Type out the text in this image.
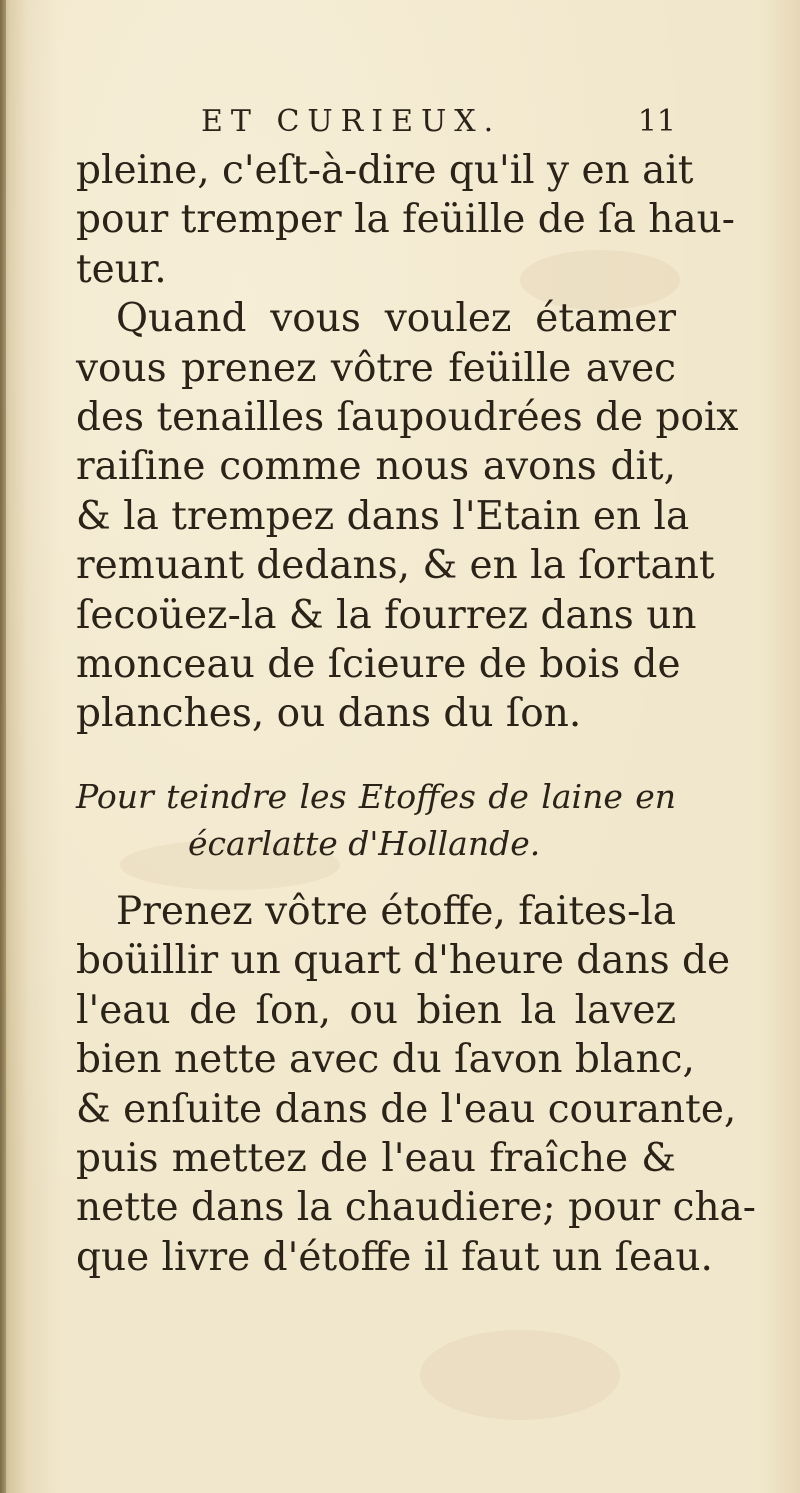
ET CURIEUX.	11
pleine, c'eſt-à-dire qu'il y en ait
pour tremper la feüille de ſa hau-
teur.
Quand vous voulez étamer
vous prenez vôtre feüille avec
des tenailles ſaupoudrées de poix
raiſine comme nous avons dit,
& la trempez dans l'Etain en la
remuant dedans, & en la ſortant
ſecoüez-la & la fourrez dans un
monceau de ſcieure de bois de
planches, ou dans du ſon.
Pour teindre les Etoffes de laine en
écarlatte d'Hollande.
Prenez vôtre étoffe, faites-la
boüillir un quart d'heure dans de
l'eau de ſon, ou bien la lavez
bien nette avec du ſavon blanc,
& enſuite dans de l'eau courante,
puis mettez de l'eau fraîche &
nette dans la chaudiere; pour cha-
que livre d'étoffe il faut un ſeau.
